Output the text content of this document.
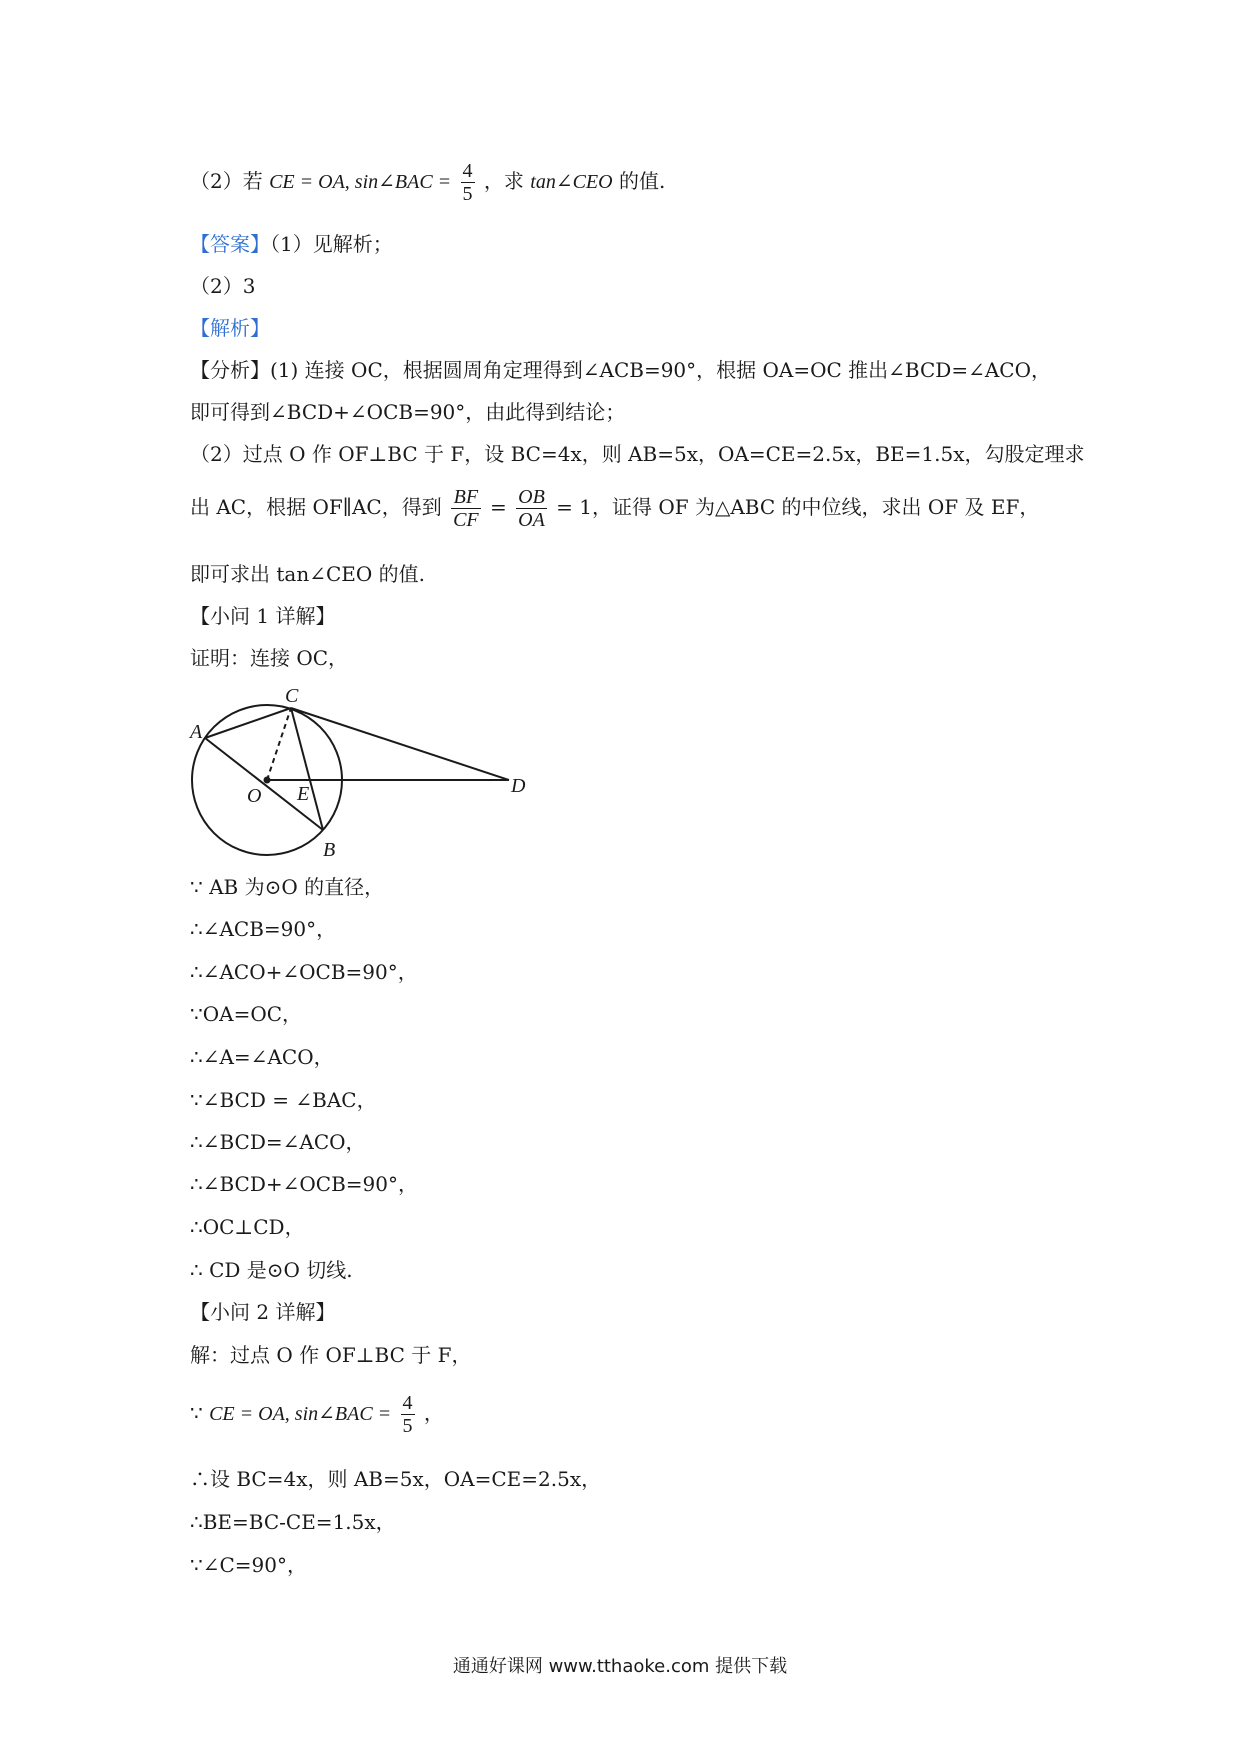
（2）若 CE = OA, sin∠BAC = $\frac{4}{5}$ ，求 tan∠CEO 的值.
【答案】（1）见解析；
（2）3
【解析】
【分析】(1) 连接 OC，根据圆周角定理得到∠ACB=90°，根据 OA=OC 推出∠BCD=∠ACO，
即可得到∠BCD+∠OCB=90°，由此得到结论；
（2）过点 O 作 OF⊥BC 于 F，设 BC=4x，则 AB=5x，OA=CE=2.5x，BE=1.5x，勾股定理求
出 AC，根据 OF∥AC，得到 $\frac{BF}{CF} = \frac{OB}{OA} = 1$，证得 OF 为△ABC 的中位线，求出 OF 及 EF，
即可求出 tan∠CEO 的值.
【小问 1 详解】
证明：连接 OC，
A
C
O E
B
D
∵ AB 为⊙O 的直径，
∴∠ACB=90°，
∴∠ACO+∠OCB=90°，
∵OA=OC，
∴∠A=∠ACO，
∵∠BCD = ∠BAC，
∴∠BCD=∠ACO，
∴∠BCD+∠OCB=90°，
∴OC⊥CD，
∴ CD 是⊙O 切线.
【小问 2 详解】
解：过点 O 作 OF⊥BC 于 F，
∵ CE = OA, sin∠BAC = $\frac{4}{5}$ ，
∴设 BC=4x，则 AB=5x，OA=CE=2.5x，
∴BE=BC-CE=1.5x，
∵∠C=90°，
通通好课网 www.tthaoke.com 提供下载
